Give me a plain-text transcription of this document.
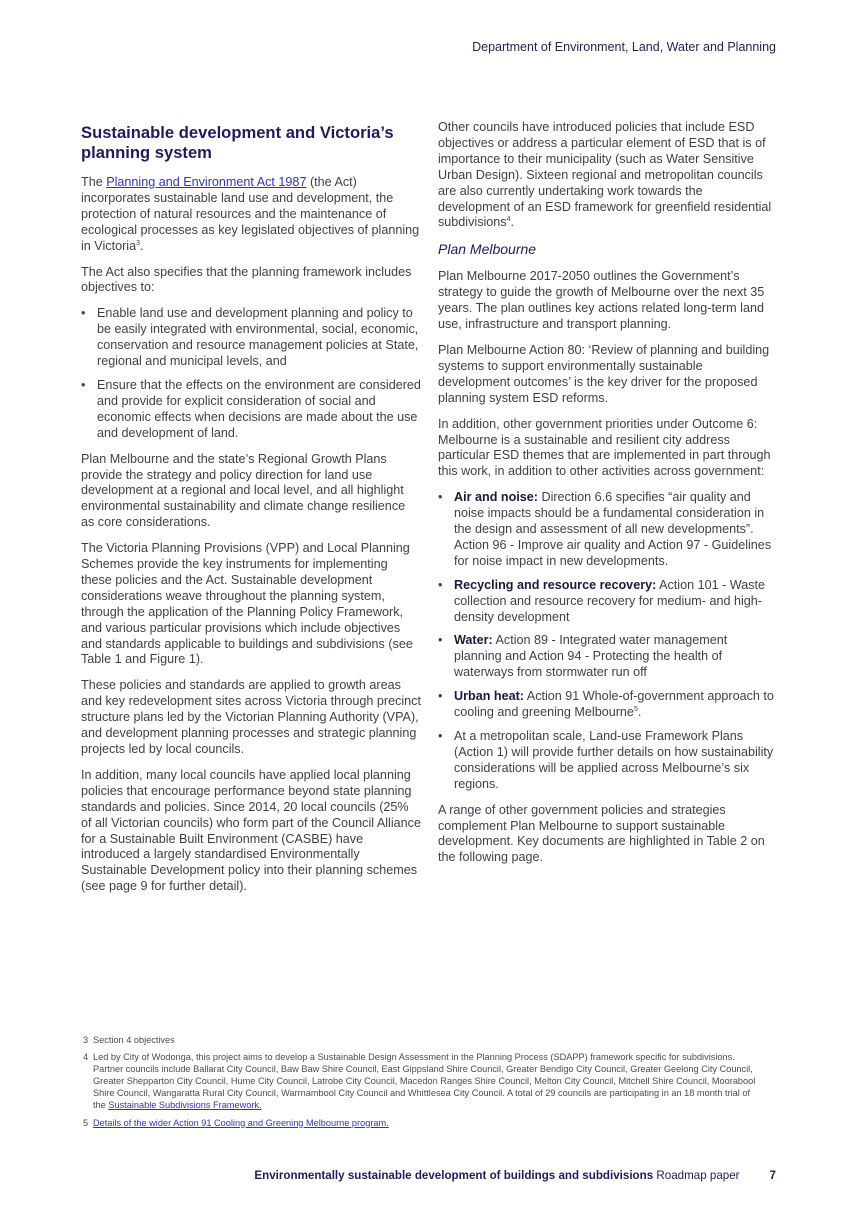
Department of Environment, Land, Water and Planning
Sustainable development and Victoria’s planning system

The Planning and Environment Act 1987 (the Act) incorporates sustainable land use and development, the protection of natural resources and the maintenance of ecological processes as key legislated objectives of planning in Victoria$^3$.

The Act also specifies that the planning framework includes objectives to:

• Enable land use and development planning and policy to be easily integrated with environmental, social, economic, conservation and resource management policies at State, regional and municipal levels, and
• Ensure that the effects on the environment are considered and provide for explicit consideration of social and economic effects when decisions are made about the use and development of land.

Plan Melbourne and the state’s Regional Growth Plans provide the strategy and policy direction for land use development at a regional and local level, and all highlight environmental sustainability and climate change resilience as core considerations.

The Victoria Planning Provisions (VPP) and Local Planning Schemes provide the key instruments for implementing these policies and the Act. Sustainable development considerations weave throughout the planning system, through the application of the Planning Policy Framework, and various particular provisions which include objectives and standards applicable to buildings and subdivisions (see Table 1 and Figure 1).

These policies and standards are applied to growth areas and key redevelopment sites across Victoria through precinct structure plans led by the Victorian Planning Authority (VPA), and development planning processes and strategic planning projects led by local councils.

In addition, many local councils have applied local planning policies that encourage performance beyond state planning standards and policies. Since 2014, 20 local councils (25% of all Victorian councils) who form part of the Council Alliance for a Sustainable Built Environment (CASBE) have introduced a largely standardised Environmentally Sustainable Development policy into their planning schemes (see page 9 for further detail).

Other councils have introduced policies that include ESD objectives or address a particular element of ESD that is of importance to their municipality (such as Water Sensitive Urban Design). Sixteen regional and metropolitan councils are also currently undertaking work towards the development of an ESD framework for greenfield residential subdivisions$^4$.

Plan Melbourne

Plan Melbourne 2017-2050 outlines the Government’s strategy to guide the growth of Melbourne over the next 35 years. The plan outlines key actions related long-term land use, infrastructure and transport planning.

Plan Melbourne Action 80: ‘Review of planning and building systems to support environmentally sustainable development outcomes’ is the key driver for the proposed planning system ESD reforms.

In addition, other government priorities under Outcome 6: Melbourne is a sustainable and resilient city address particular ESD themes that are implemented in part through this work, in addition to other activities across government:

• Air and noise: Direction 6.6 specifies “air quality and noise impacts should be a fundamental consideration in the design and assessment of all new developments”. Action 96 - Improve air quality and Action 97 - Guidelines for noise impact in new developments.
• Recycling and resource recovery: Action 101 - Waste collection and resource recovery for medium- and high-density development
• Water: Action 89 - Integrated water management planning and Action 94 - Protecting the health of waterways from stormwater run off
• Urban heat: Action 91 Whole-of-government approach to cooling and greening Melbourne$^5$.
• At a metropolitan scale, Land-use Framework Plans (Action 1) will provide further details on how sustainability considerations will be applied across Melbourne’s six regions.

A range of other government policies and strategies complement Plan Melbourne to support sustainable development. Key documents are highlighted in Table 2 on the following page.

3 Section 4 objectives
4 Led by City of Wodonga, this project aims to develop a Sustainable Design Assessment in the Planning Process (SDAPP) framework specific for subdivisions. Partner councils include Ballarat City Council, Baw Baw Shire Council, East Gippsland Shire Council, Greater Bendigo City Council, Greater Geelong City Council, Greater Shepparton City Council, Hume City Council, Latrobe City Council, Macedon Ranges Shire Council, Melton City Council, Mitchell Shire Council, Moorabool Shire Council, Wangaratta Rural City Council, Warrnambool City Council and Whittlesea City Council. A total of 29 councils are participating in an 18 month trial of the Sustainable Subdivisions Framework.
5 Details of the wider Action 91 Cooling and Greening Melbourne program.
Environmentally sustainable development of buildings and subdivisions Roadmap paper	7
